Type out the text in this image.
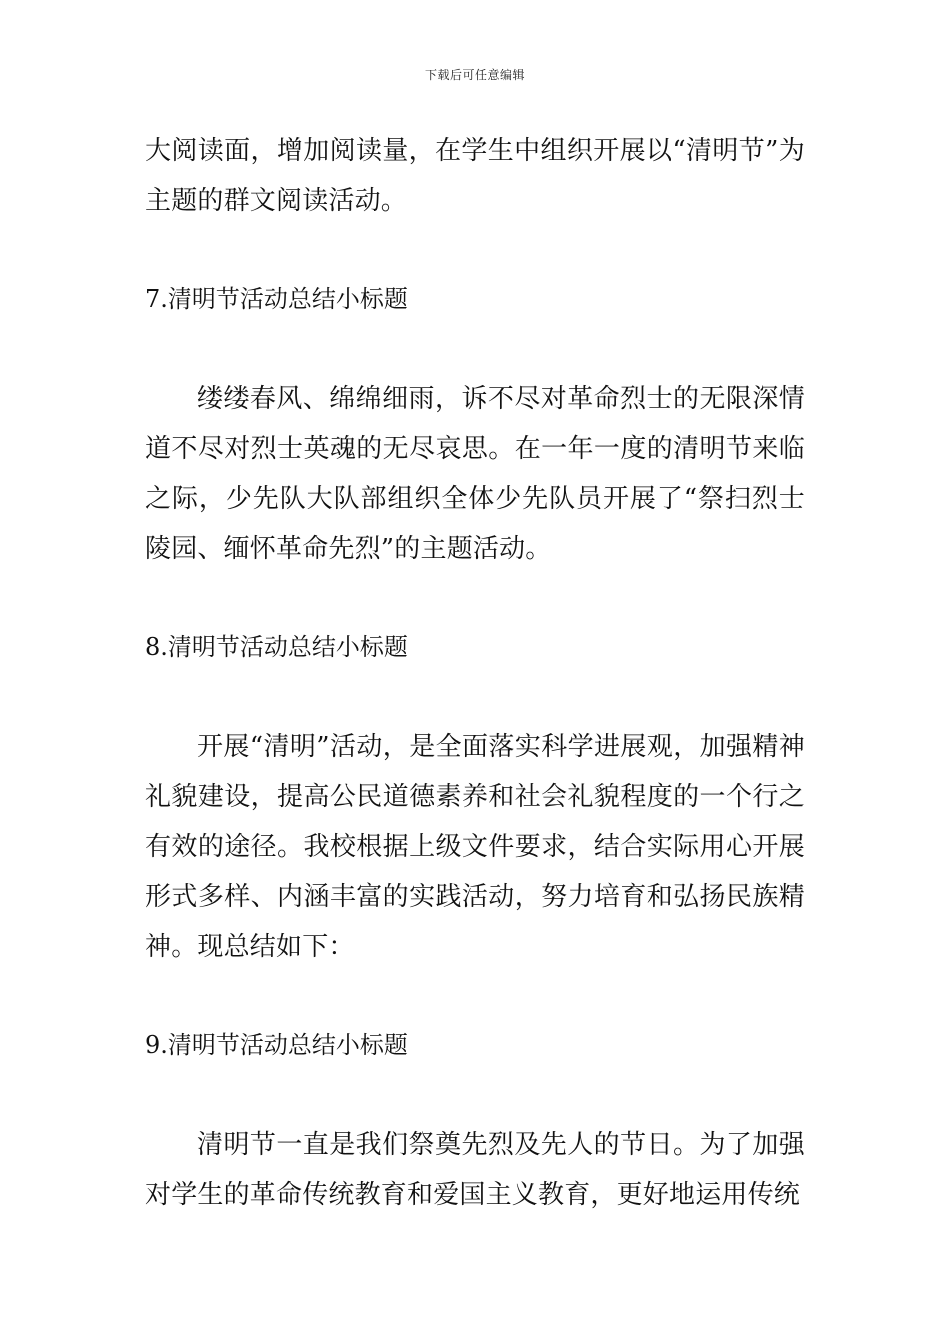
下载后可任意编辑

大阅读面，增加阅读量，在学生中组织开展以“清明节”为主题的群文阅读活动。

7.清明节活动总结小标题

缕缕春风、绵绵细雨，诉不尽对革命烈士的无限深情道不尽对烈士英魂的无尽哀思。在一年一度的清明节来临之际，少先队大队部组织全体少先队员开展了“祭扫烈士陵园、缅怀革命先烈”的主题活动。

8.清明节活动总结小标题

开展“清明”活动，是全面落实科学进展观，加强精神礼貌建设，提高公民道德素养和社会礼貌程度的一个行之有效的途径。我校根据上级文件要求，结合实际用心开展形式多样、内涵丰富的实践活动，努力培育和弘扬民族精神。现总结如下：

9.清明节活动总结小标题

清明节一直是我们祭奠先烈及先人的节日。为了加强对学生的革命传统教育和爱国主义教育，更好地运用传统
